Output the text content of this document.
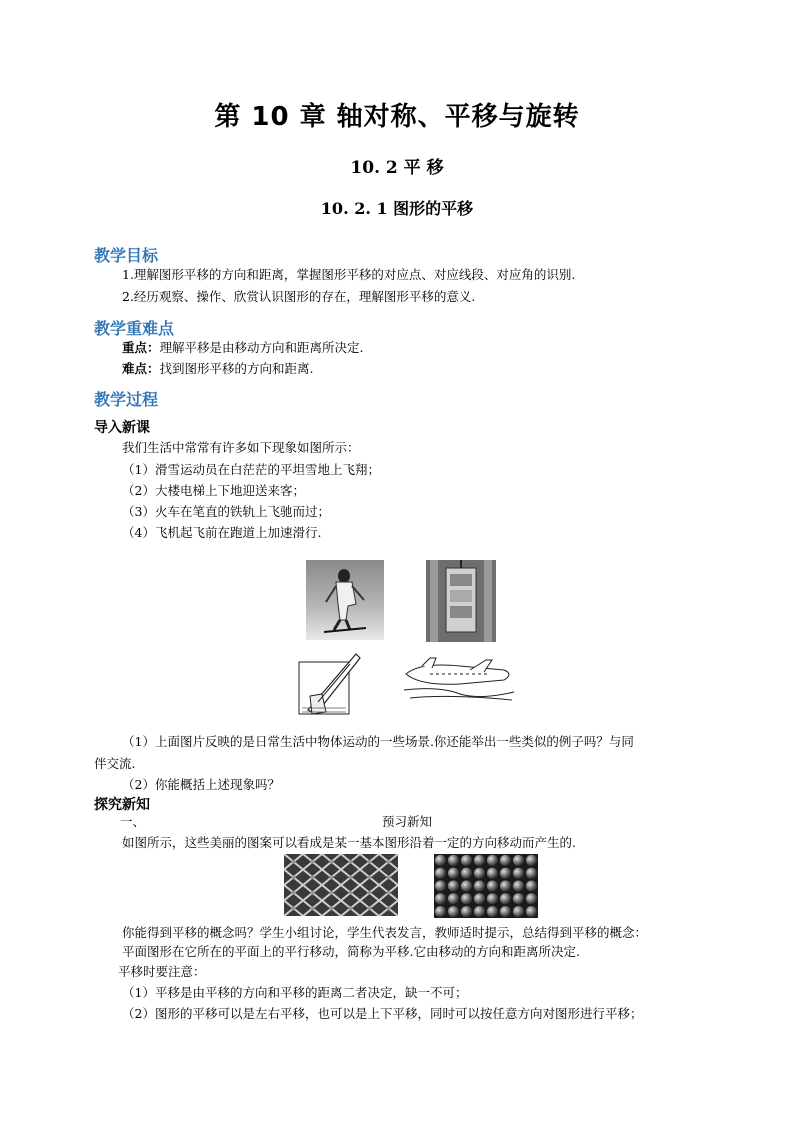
第 10 章 轴对称、平移与旋转
10. 2 平 移
10. 2. 1 图形的平移
教学目标
1.理解图形平移的方向和距离，掌握图形平移的对应点、对应线段、对应角的识别.
2.经历观察、操作、欣赏认识图形的存在，理解图形平移的意义.
教学重难点
重点：理解平移是由移动方向和距离所决定.
难点：找到图形平移的方向和距离.
教学过程
导入新课
我们生活中常常有许多如下现象如图所示：
（1）滑雪运动员在白茫茫的平坦雪地上飞翔；
（2）大楼电梯上下地迎送来客；
（3）火车在笔直的铁轨上飞驰而过；
（4）飞机起飞前在跑道上加速滑行.
（1）上面图片反映的是日常生活中物体运动的一些场景.你还能举出一些类似的例子吗？与同
伴交流.
（2）你能概括上述现象吗？
探究新知
一、	预习新知
如图所示，这些美丽的图案可以看成是某一基本图形沿着一定的方向移动而产生的.
你能得到平移的概念吗？学生小组讨论，学生代表发言，教师适时提示，总结得到平移的概念：
平面图形在它所在的平面上的平行移动，简称为平移.它由移动的方向和距离所决定.
平移时要注意：
（1）平移是由平移的方向和平移的距离二者决定，缺一不可；
（2）图形的平移可以是左右平移，也可以是上下平移，同时可以按任意方向对图形进行平移；
